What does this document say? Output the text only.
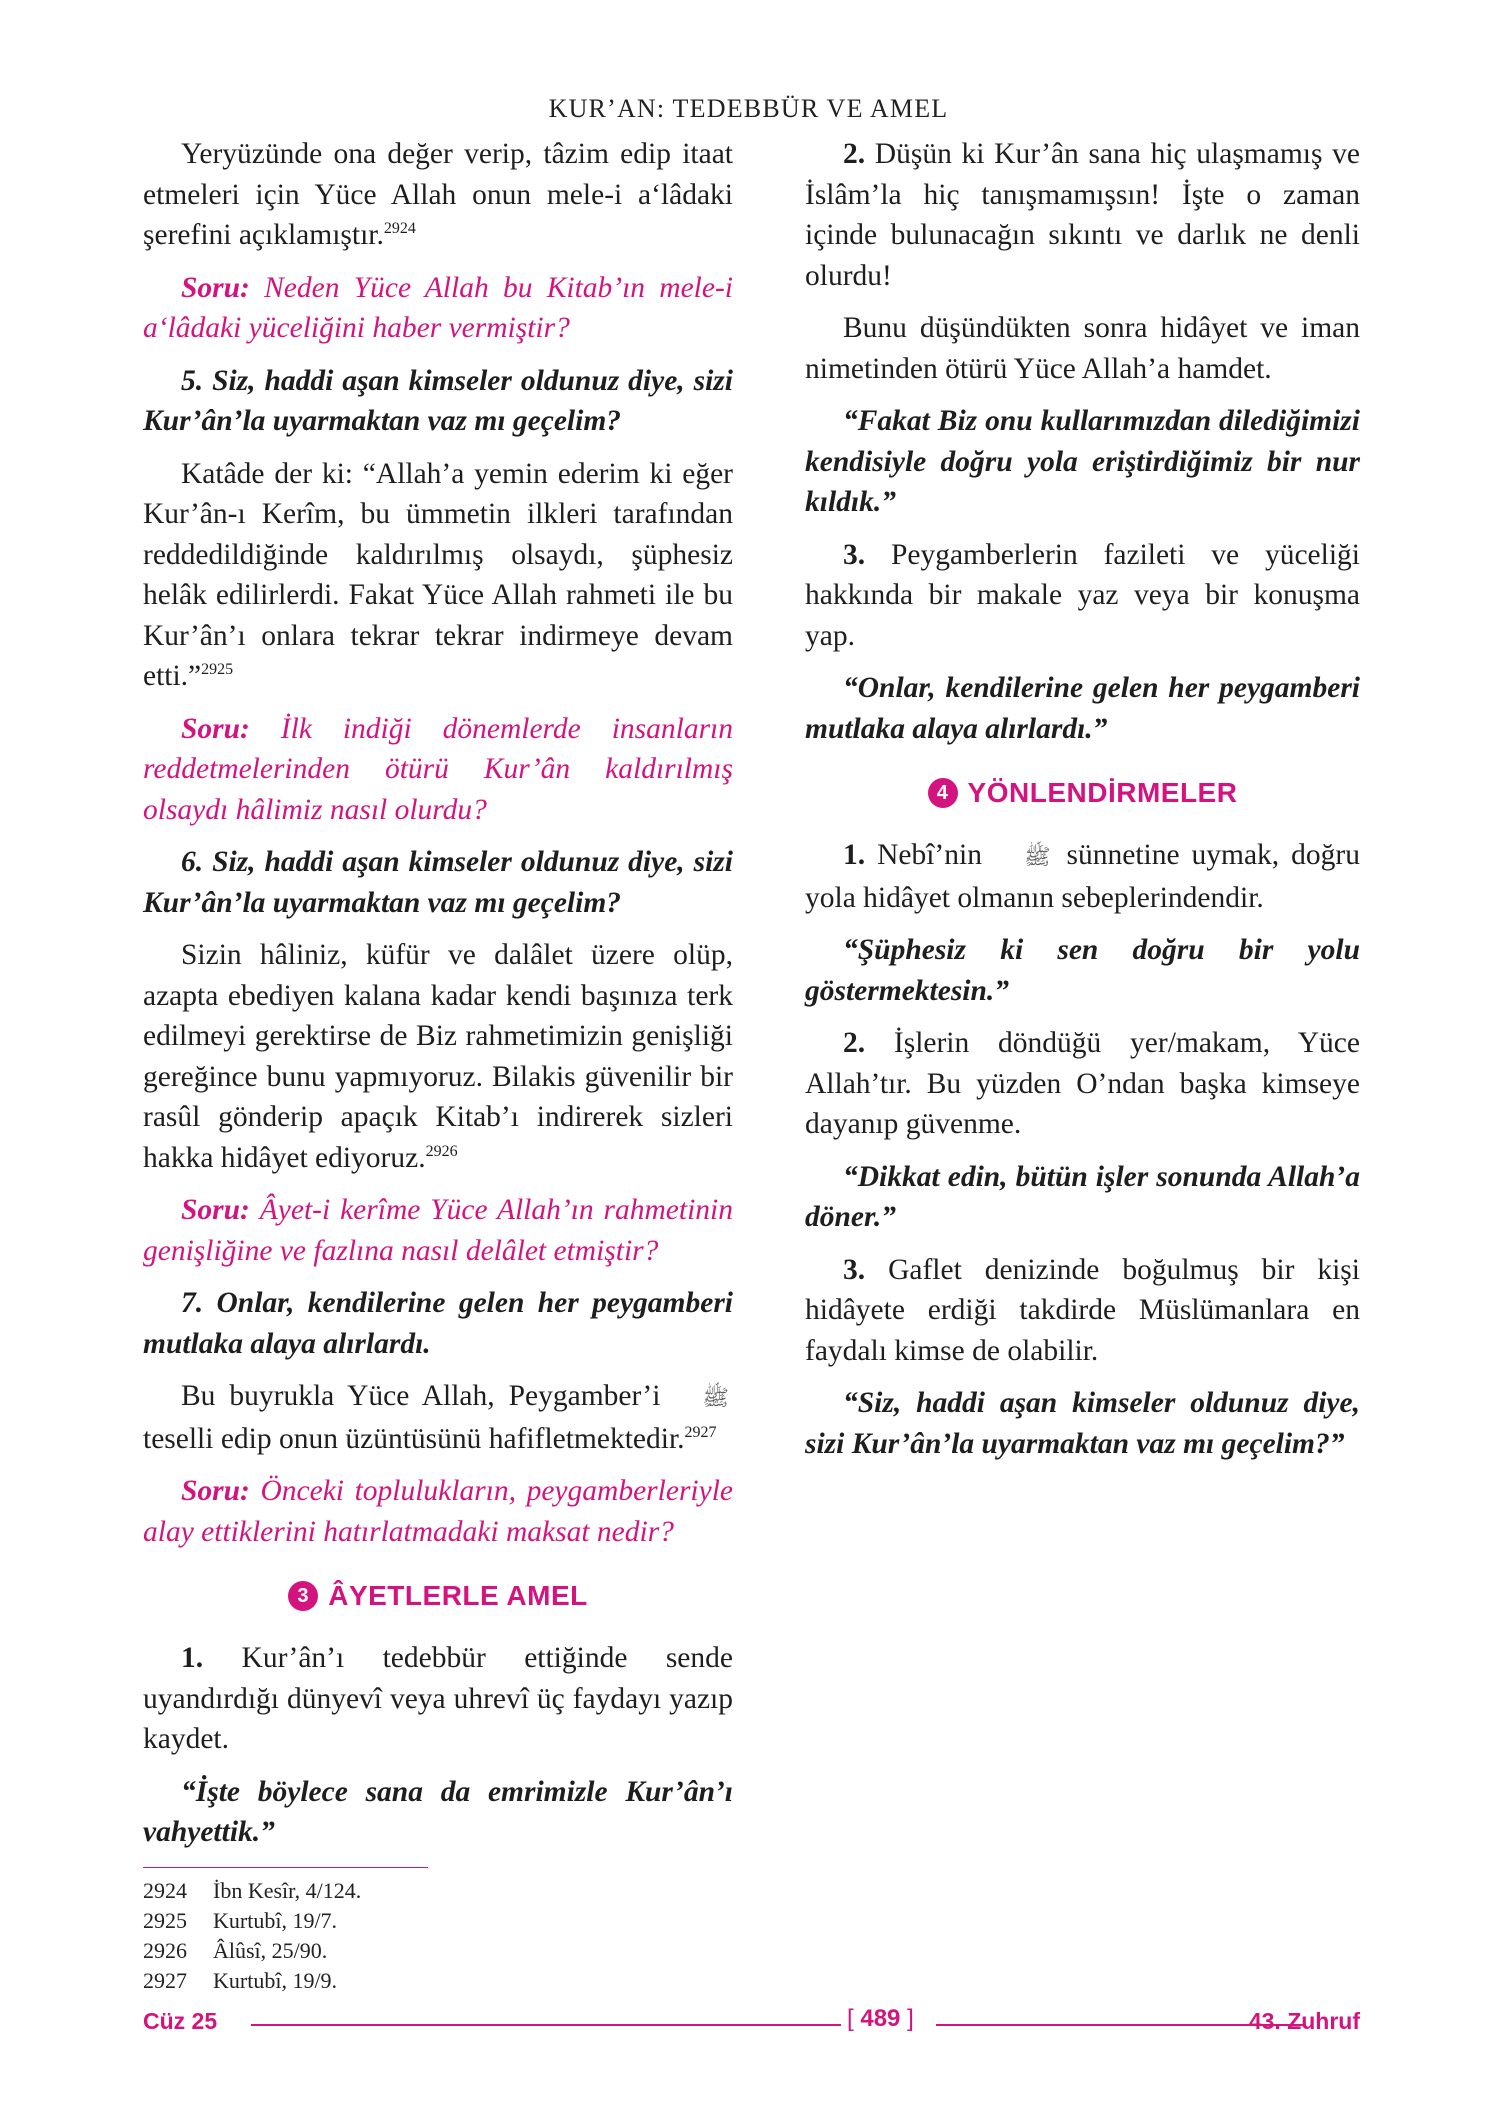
KUR’AN: TEDEBBÜR VE AMEL

Yeryüzünde ona değer verip, tâzim edip itaat etmeleri için Yüce Allah onun mele-i a‘lâdaki şerefini açıklamıştır.$^{2924}$

Soru: Neden Yüce Allah bu Kitab’ın mele-i a‘lâdaki yüceliğini haber vermiştir?

5. Siz, haddi aşan kimseler oldunuz diye, sizi Kur’ân’la uyarmaktan vaz mı geçelim?

Katâde der ki: “Allah’a yemin ederim ki eğer Kur’ân-ı Kerîm, bu ümmetin ilkleri tarafından reddedildiğinde kaldırılmış olsaydı, şüphesiz helâk edilirlerdi. Fakat Yüce Allah rahmeti ile bu Kur’ân’ı onlara tekrar tekrar indirmeye devam etti.”$^{2925}$

Soru: İlk indiği dönemlerde insanların reddetmelerinden ötürü Kur’ân kaldırılmış olsaydı hâlimiz nasıl olurdu?

6. Siz, haddi aşan kimseler oldunuz diye, sizi Kur’ân’la uyarmaktan vaz mı geçelim?

Sizin hâliniz, küfür ve dalâlet üzere olüp, azapta ebediyen kalana kadar kendi başınıza terk edilmeyi gerektirse de Biz rahmetimizin genişliği gereğince bunu yapmıyoruz. Bilakis güvenilir bir rasûl gönderip apaçık Kitab’ı indirerek sizleri hakka hidâyet ediyoruz.$^{2926}$

Soru: Âyet-i kerîme Yüce Allah’ın rahmetinin genişliğine ve fazlına nasıl delâlet etmiştir?

7. Onlar, kendilerine gelen her peygamberi mutlaka alaya alırlardı.

Bu buyrukla Yüce Allah, Peygamber’i ﷺ teselli edip onun üzüntüsünü hafifletmektedir.$^{2927}$

Soru: Önceki toplulukların, peygamberleriyle alay ettiklerini hatırlatmadaki maksat nedir?

3 ÂYETLERLE AMEL

1. Kur’ân’ı tedebbür ettiğinde sende uyandırdığı dünyevî veya uhrevî üç faydayı yazıp kaydet.

“İşte böylece sana da emrimizle Kur’ân’ı vahyettik.”

2. Düşün ki Kur’ân sana hiç ulaşmamış ve İslâm’la hiç tanışmamışsın! İşte o zaman içinde bulunacağın sıkıntı ve darlık ne denli olurdu!

Bunu düşündükten sonra hidâyet ve iman nimetinden ötürü Yüce Allah’a hamdet.

“Fakat Biz onu kullarımızdan dilediğimizi kendisiyle doğru yola eriştirdiğimiz bir nur kıldık.”

3. Peygamberlerin fazileti ve yüceliği hakkında bir makale yaz veya bir konuşma yap.

“Onlar, kendilerine gelen her peygamberi mutlaka alaya alırlardı.”

4 YÖNLENDİRMELER

1. Nebî’nin ﷺ sünnetine uymak, doğru yola hidâyet olmanın sebeplerindendir.

“Şüphesiz ki sen doğru bir yolu göstermektesin.”

2. İşlerin döndüğü yer/makam, Yüce Allah’tır. Bu yüzden O’ndan başka kimseye dayanıp güvenme.

“Dikkat edin, bütün işler sonunda Allah’a döner.”

3. Gaflet denizinde boğulmuş bir kişi hidâyete erdiği takdirde Müslümanlara en faydalı kimse de olabilir.

“Siz, haddi aşan kimseler oldunuz diye, sizi Kur’ân’la uyarmaktan vaz mı geçelim?”

2924	İbn Kesîr, 4/124.
2925	Kurtubî, 19/7.
2926	Âlûsî, 25/90.
2927	Kurtubî, 19/9.
Cüz 25	[ 489 ]	43. Zuhruf
